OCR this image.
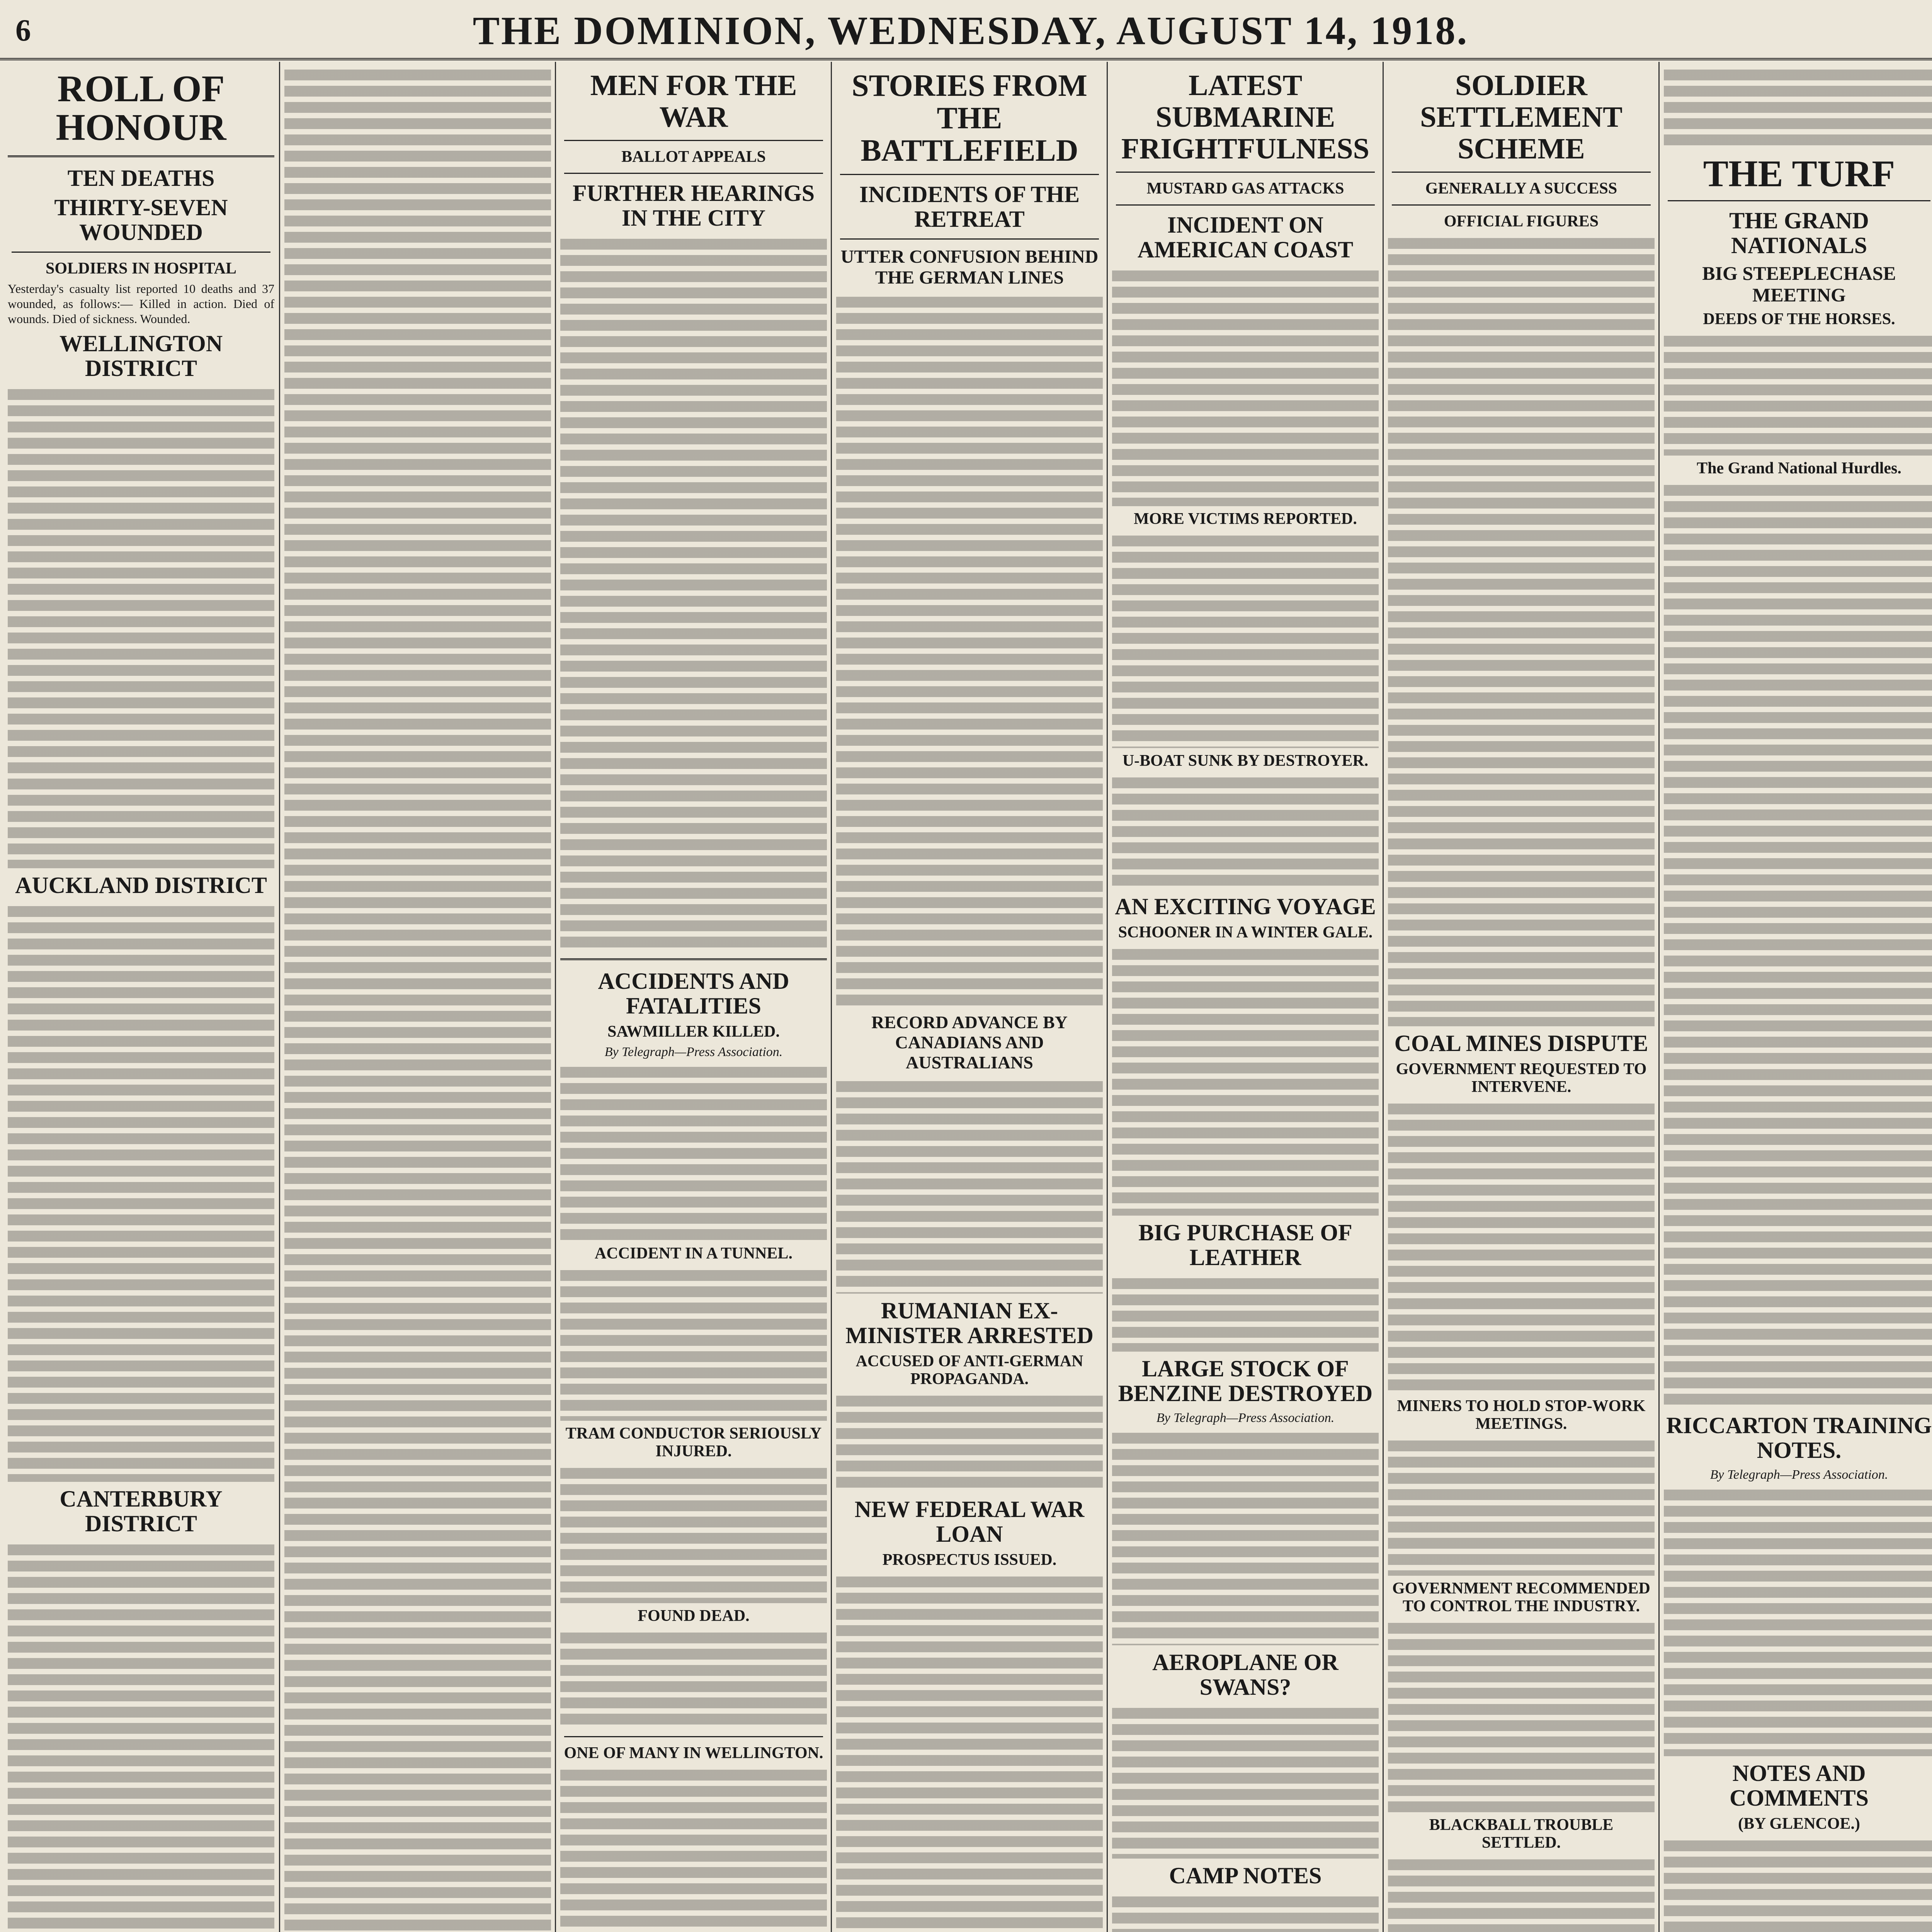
6	THE DOMINION, WEDNESDAY, AUGUST 14, 1918.
ROLL OF HONOUR
TEN DEATHS
THIRTY-SEVEN WOUNDED
SOLDIERS IN HOSPITAL

Yesterday's casualty list reported 10 deaths and 37 wounded, as follows:— Killed in action. Died of wounds. Died of sickness. Wounded.

WELLINGTON DISTRICT
AUCKLAND DISTRICT
CANTERBURY DISTRICT
MEN FOR THE WAR
BALLOT APPEALS
FURTHER HEARINGS IN THE CITY
ACCIDENTS AND FATALITIES
SAWMILLER KILLED.

By Telegraph—Press Association.

ACCIDENT IN A TUNNEL.
TRAM CONDUCTOR SERIOUSLY INJURED.
FOUND DEAD.
ONE OF MANY IN WELLINGTON.
STORIES FROM THE BATTLEFIELD
INCIDENTS OF THE RETREAT
UTTER CONFUSION BEHIND THE GERMAN LINES
RECORD ADVANCE BY CANADIANS AND AUSTRALIANS
RUMANIAN EX-MINISTER ARRESTED
ACCUSED OF ANTI-GERMAN PROPAGANDA.
NEW FEDERAL WAR LOAN
PROSPECTUS ISSUED.
LATEST SUBMARINE FRIGHTFULNESS
MUSTARD GAS ATTACKS
INCIDENT ON AMERICAN COAST
MORE VICTIMS REPORTED.
U-BOAT SUNK BY DESTROYER.
AN EXCITING VOYAGE
SCHOONER IN A WINTER GALE.
BIG PURCHASE OF LEATHER
LARGE STOCK OF BENZINE DESTROYED

By Telegraph—Press Association.

AEROPLANE OR SWANS?
CAMP NOTES
SOLDIER SETTLEMENT SCHEME
GENERALLY A SUCCESS
OFFICIAL FIGURES
COAL MINES DISPUTE
GOVERNMENT REQUESTED TO INTERVENE.
MINERS TO HOLD STOP-WORK MEETINGS.
GOVERNMENT RECOMMENDED TO CONTROL THE INDUSTRY.
BLACKBALL TROUBLE SETTLED.

THE TURF
THE GRAND NATIONALS
BIG STEEPLECHASE MEETING
DEEDS OF THE HORSES.
The Grand National Hurdles.
RICCARTON TRAINING NOTES.

By Telegraph—Press Association.

NOTES AND COMMENTS
(BY GLENCOE.)
